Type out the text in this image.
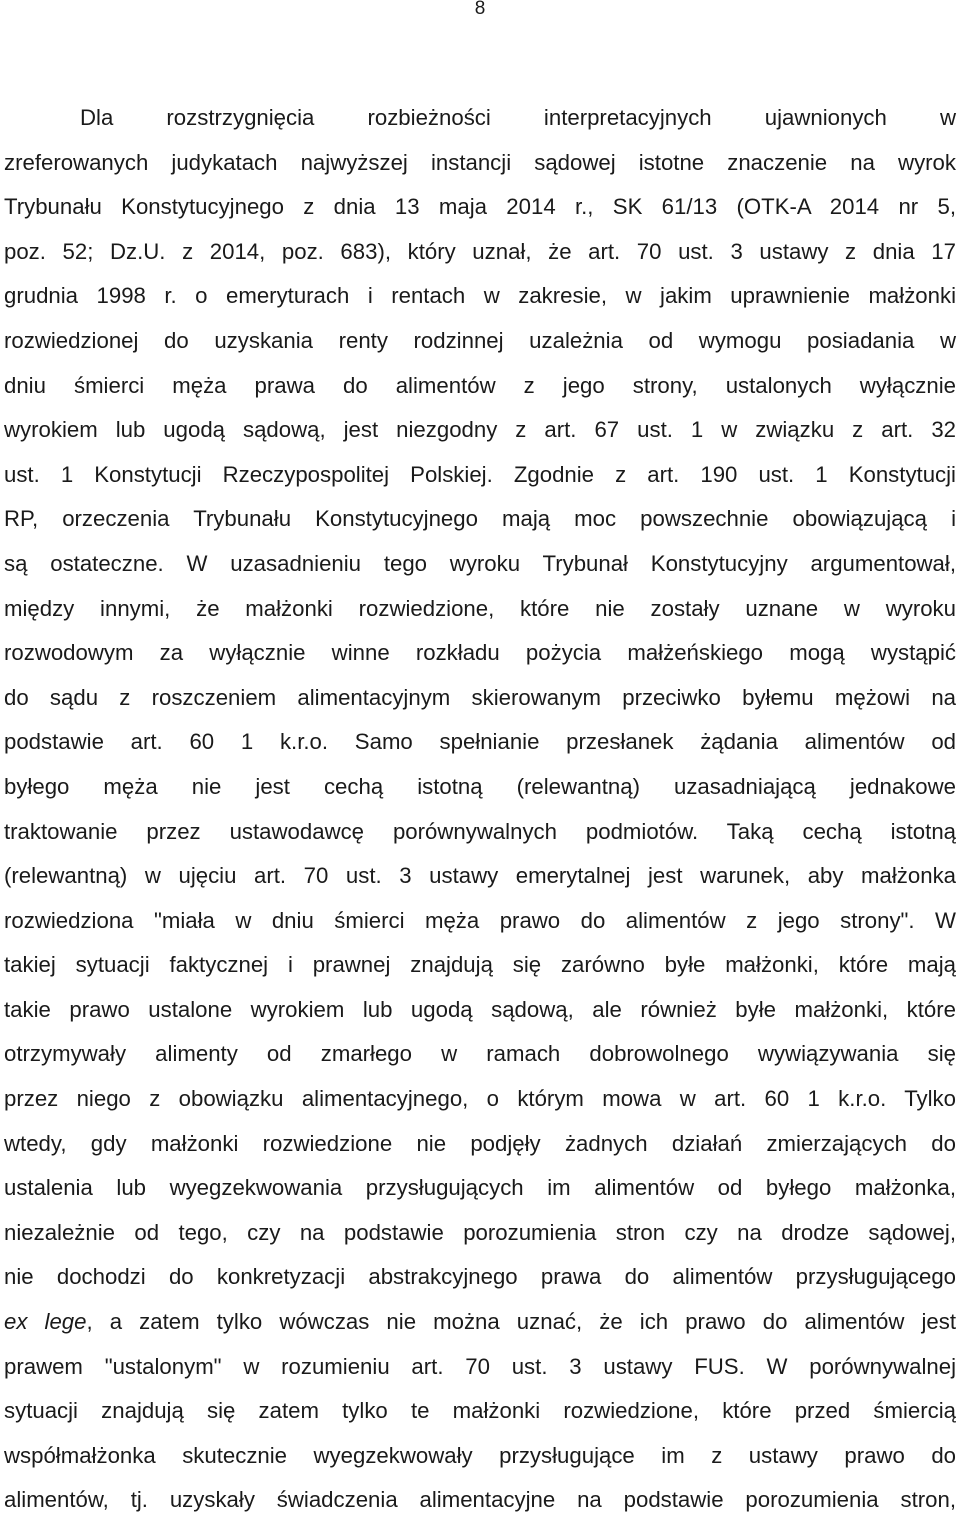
8
Dla rozstrzygnięcia rozbieżności interpretacyjnych ujawnionych w
zreferowanych judykatach najwyższej instancji sądowej istotne znaczenie na wyrok
Trybunału Konstytucyjnego z dnia 13 maja 2014 r., SK 61/13 (OTK-A 2014 nr 5,
poz. 52; Dz.U. z 2014, poz. 683), który uznał, że art. 70 ust. 3 ustawy z dnia 17
grudnia 1998 r. o emeryturach i rentach w zakresie, w jakim uprawnienie małżonki
rozwiedzionej do uzyskania renty rodzinnej uzależnia od wymogu posiadania w
dniu śmierci męża prawa do alimentów z jego strony, ustalonych wyłącznie
wyrokiem lub ugodą sądową, jest niezgodny z art. 67 ust. 1 w związku z art. 32
ust. 1 Konstytucji Rzeczypospolitej Polskiej. Zgodnie z art. 190 ust. 1 Konstytucji
RP, orzeczenia Trybunału Konstytucyjnego mają moc powszechnie obowiązującą i
są ostateczne. W uzasadnieniu tego wyroku Trybunał Konstytucyjny argumentował,
między innymi, że małżonki rozwiedzione, które nie zostały uznane w wyroku
rozwodowym za wyłącznie winne rozkładu pożycia małżeńskiego mogą wystąpić
do sądu z roszczeniem alimentacyjnym skierowanym przeciwko byłemu mężowi na
podstawie art. 60 1 k.r.o. Samo spełnianie przesłanek żądania alimentów od
byłego męża nie jest cechą istotną (relewantną) uzasadniającą jednakowe
traktowanie przez ustawodawcę porównywalnych podmiotów. Taką cechą istotną
(relewantną) w ujęciu art. 70 ust. 3 ustawy emerytalnej jest warunek, aby małżonka
rozwiedziona "miała w dniu śmierci męża prawo do alimentów z jego strony". W
takiej sytuacji faktycznej i prawnej znajdują się zarówno byłe małżonki, które mają
takie prawo ustalone wyrokiem lub ugodą sądową, ale również byłe małżonki, które
otrzymywały alimenty od zmarłego w ramach dobrowolnego wywiązywania się
przez niego z obowiązku alimentacyjnego, o którym mowa w art. 60 1 k.r.o. Tylko
wtedy, gdy małżonki rozwiedzione nie podjęły żadnych działań zmierzających do
ustalenia lub wyegzekwowania przysługujących im alimentów od byłego małżonka,
niezależnie od tego, czy na podstawie porozumienia stron czy na drodze sądowej,
nie dochodzi do konkretyzacji abstrakcyjnego prawa do alimentów przysługującego
ex lege, a zatem tylko wówczas nie można uznać, że ich prawo do alimentów jest
prawem "ustalonym" w rozumieniu art. 70 ust. 3 ustawy FUS. W porównywalnej
sytuacji znajdują się zatem tylko te małżonki rozwiedzione, które przed śmiercią
współmałżonka skutecznie wyegzekwowały przysługujące im z ustawy prawo do
alimentów, tj. uzyskały świadczenia alimentacyjne na podstawie porozumienia stron,
